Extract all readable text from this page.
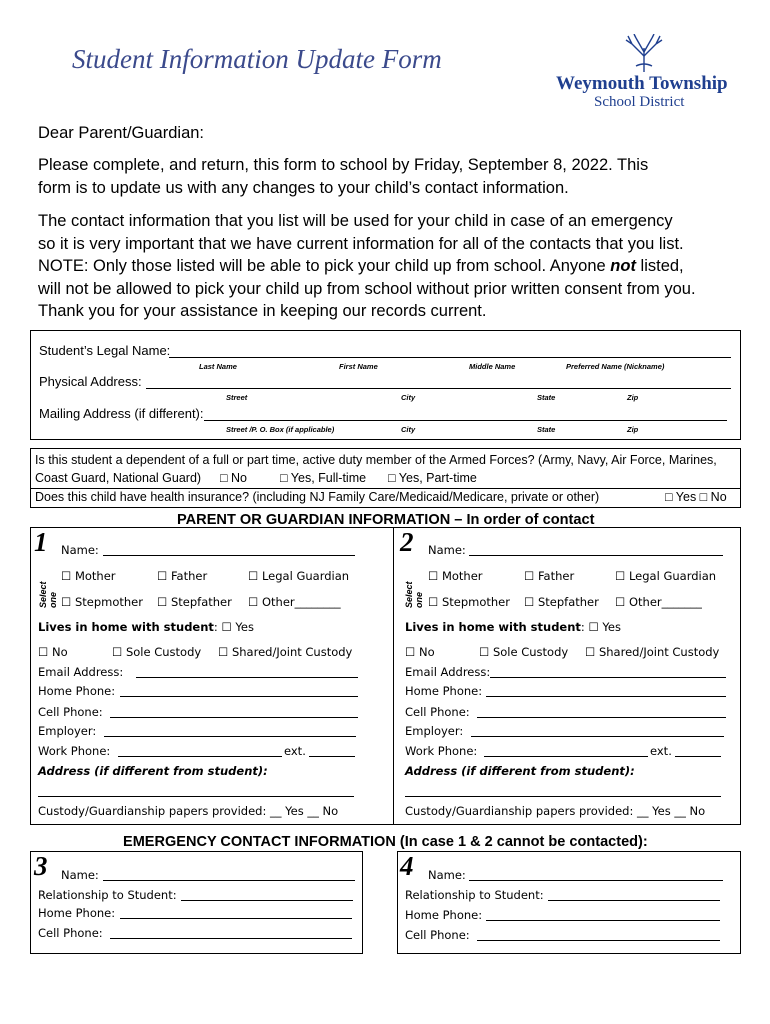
Student Information Update Form
Weymouth Township
School District
Dear Parent/Guardian:
Please complete, and return, this form to school by Friday, September 8, 2022. This
form is to update us with any changes to your child’s contact information.
The contact information that you list will be used for your child in case of an emergency
so it is very important that we have current information for all of the contacts that you list.
NOTE: Only those listed will be able to pick your child up from school. Anyone not listed,
will not be allowed to pick your child up from school without prior written consent from you.
Thank you for your assistance in keeping our records current.
Student’s Legal Name:
Last Name	First Name	Middle Name	Preferred Name (Nickname)
Physical Address:
Street	City	State	Zip
Mailing Address (if different):
Street /P. O. Box (if applicable)	City	State	Zip
Is this student a dependent of a full or part time, active duty member of the Armed Forces? (Army, Navy, Air Force, Marines,
Coast Guard, National Guard) □ No	□ Yes, Full-time □ Yes, Part-time
Does this child have health insurance? (including NJ Family Care/Medicaid/Medicare, private or other)	□ Yes □ No
PARENT OR GUARDIAN INFORMATION – In order of contact
1 Name:
Select one
☐ Mother	☐ Father	☐ Legal Guardian
☐ Stepmother ☐ Stepfather ☐ Other________
Lives in home with student: ☐ Yes
☐ No	☐ Sole Custody ☐ Shared/Joint Custody
Email Address:
Home Phone:
Cell Phone:
Employer:
Work Phone:	ext.
Address (if different from student):
Custody/Guardianship papers provided: __ Yes __ No
2 Name:
Select one
☐ Mother	☐ Father	☐ Legal Guardian
☐ Stepmother ☐ Stepfather ☐ Other_______
Lives in home with student: ☐ Yes
☐ No	☐ Sole Custody ☐ Shared/Joint Custody
Email Address:
Home Phone:
Cell Phone:
Employer:
Work Phone:	ext.
Address (if different from student):
Custody/Guardianship papers provided: __ Yes __ No
EMERGENCY CONTACT INFORMATION (In case 1 & 2 cannot be contacted):
3 Name:
Relationship to Student:
Home Phone:
Cell Phone:
4 Name:
Relationship to Student:
Home Phone:
Cell Phone:
